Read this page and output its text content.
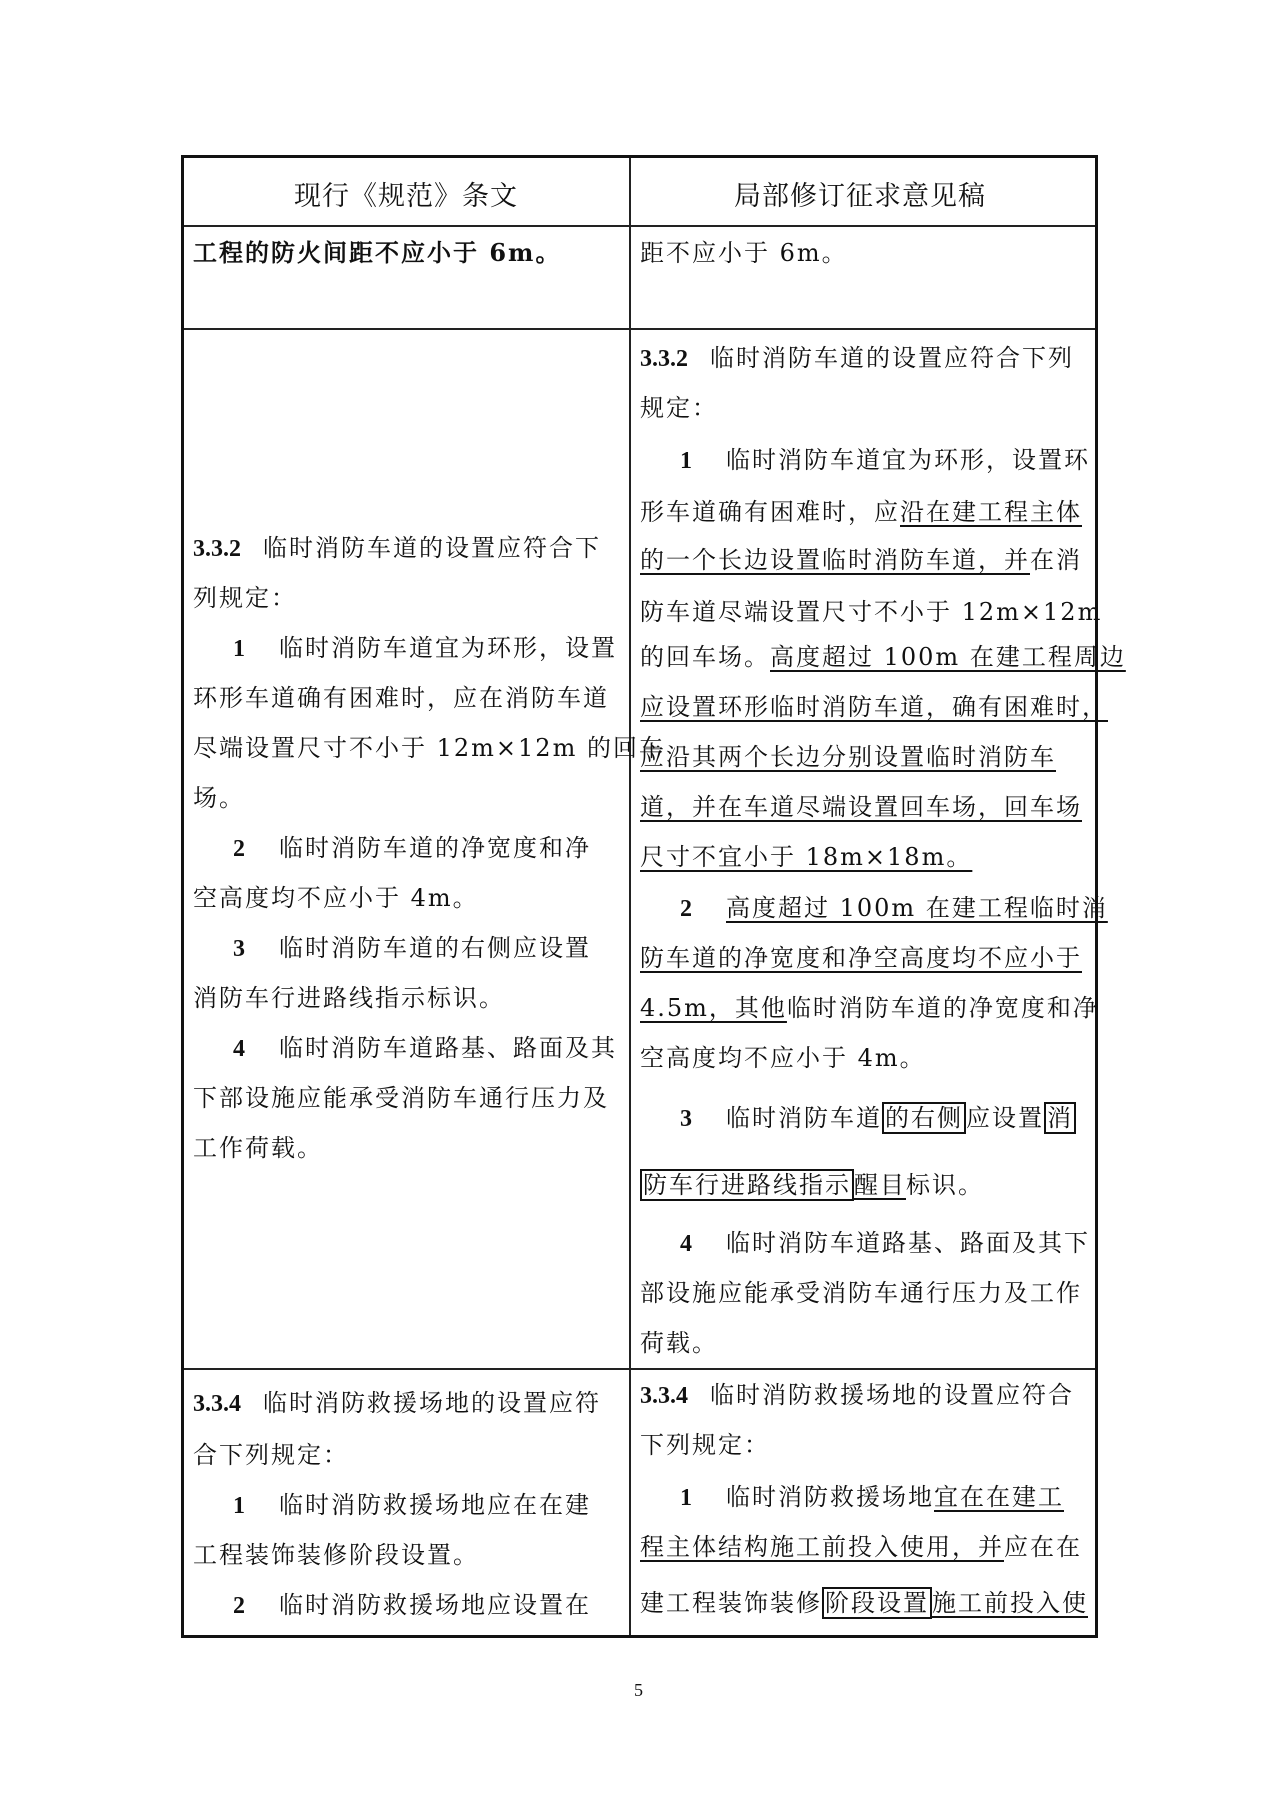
现行《规范》条文	局部修订征求意见稿
工程的防火间距不应小于 6m。	距不应小于 6m。
3.3.2 临时消防车道的设置应符合下
列规定：
1 临时消防车道宜为环形，设置
环形车道确有困难时，应在消防车道
尽端设置尺寸不小于 12m×12m 的回车
场。
2 临时消防车道的净宽度和净
空高度均不应小于 4m。
3 临时消防车道的右侧应设置
消防车行进路线指示标识。
4 临时消防车道路基、路面及其
下部设施应能承受消防车通行压力及
工作荷载。
3.3.2 临时消防车道的设置应符合下列
规定：
1 临时消防车道宜为环形，设置环
形车道确有困难时，应沿在建工程主体
的一个长边设置临时消防车道，并在消
防车道尽端设置尺寸不小于 12m×12m
的回车场。高度超过 100m 在建工程周边
应设置环形临时消防车道，确有困难时，
应沿其两个长边分别设置临时消防车
道，并在车道尽端设置回车场，回车场
尺寸不宜小于 18m×18m。
2 高度超过 100m 在建工程临时消
防车道的净宽度和净空高度均不应小于
4.5m，其他临时消防车道的净宽度和净
空高度均不应小于 4m。
3 临时消防车道 的右侧 应设置 消
防车行进路线指示 醒目标识。
4 临时消防车道路基、路面及其下
部设施应能承受消防车通行压力及工作
荷载。
3.3.4 临时消防救援场地的设置应符
合下列规定：
1 临时消防救援场地应在在建
工程装饰装修阶段设置。
2 临时消防救援场地应设置在
3.3.4 临时消防救援场地的设置应符合
下列规定：
1 临时消防救援场地宜在在建工
程主体结构施工前投入使用，并应在在
建工程装饰装修 阶段设置 施工前投入使
5
